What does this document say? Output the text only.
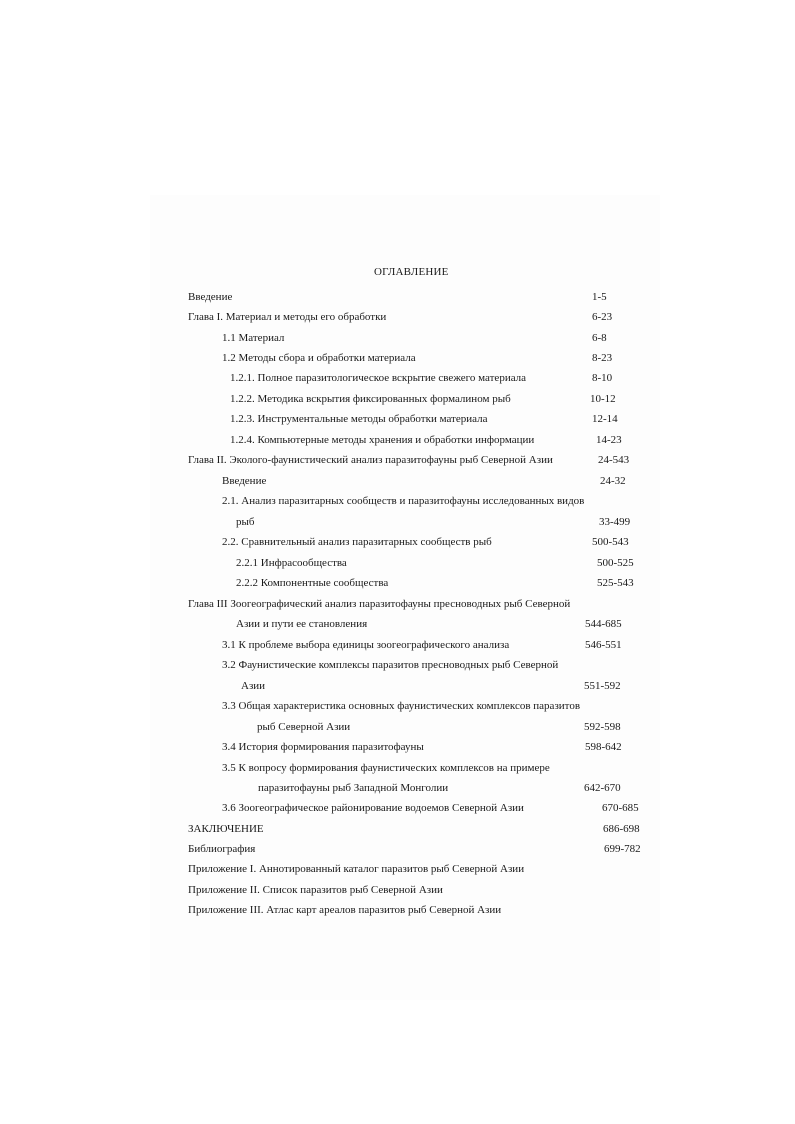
ОГЛАВЛЕНИЕ
Введение	1-5
Глава I. Материал и методы его обработки	6-23
1.1 Материал	6-8
1.2 Методы сбора и обработки материала	8-23
1.2.1. Полное паразитологическое вскрытие свежего материала	8-10
1.2.2. Методика вскрытия фиксированных формалином рыб	10-12
1.2.3. Инструментальные методы обработки материала	12-14
1.2.4. Компьютерные методы хранения и обработки информации	14-23
Глава II. Эколого-фаунистический анализ паразитофауны рыб Северной Азии	24-543
Введение	24-32
2.1. Анализ паразитарных сообществ и паразитофауны исследованных видов
рыб	33-499
2.2. Сравнительный анализ паразитарных сообществ рыб	500-543
2.2.1 Инфрасообщества	500-525
2.2.2 Компонентные сообщества	525-543
Глава III Зоогеографический анализ паразитофауны пресноводных рыб Северной
Азии и пути ее становления	544-685
3.1 К проблеме выбора единицы зоогеографического анализа	546-551
3.2 Фаунистические комплексы паразитов пресноводных рыб Северной
Азии	551-592
3.3 Общая характеристика основных фаунистических комплексов паразитов
рыб Северной Азии	592-598
3.4 История формирования паразитофауны	598-642
3.5 К вопросу формирования фаунистических комплексов на примере
паразитофауны рыб Западной Монголии	642-670
3.6 Зоогеографическое районирование водоемов Северной Азии	670-685
ЗАКЛЮЧЕНИЕ	686-698
Библиография	699-782
Приложение I. Аннотированный каталог паразитов рыб Северной Азии
Приложение II. Список паразитов рыб Северной Азии
Приложение III. Атлас карт ареалов паразитов рыб Северной Азии
